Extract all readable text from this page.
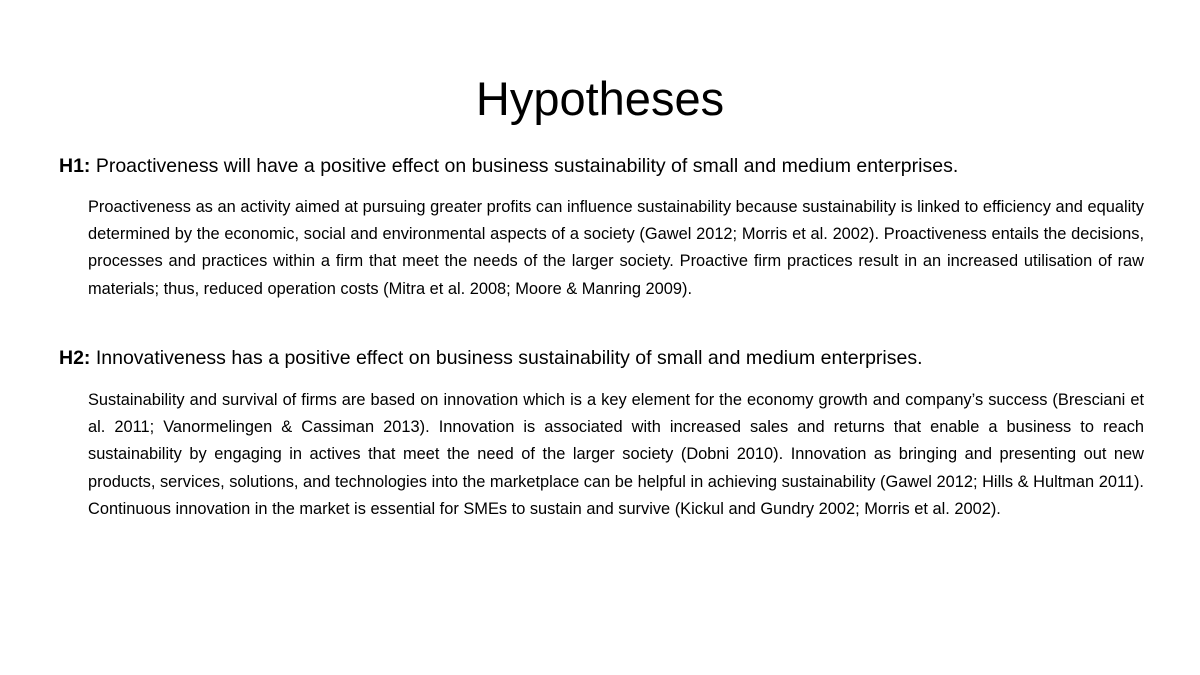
Hypotheses

H1: Proactiveness will have a positive effect on business sustainability of small and medium enterprises.

Proactiveness as an activity aimed at pursuing greater profits can influence sustainability because sustainability is linked to efficiency and equality determined by the economic, social and environmental aspects of a society (Gawel 2012; Morris et al. 2002). Proactiveness entails the decisions, processes and practices within a firm that meet the needs of the larger society. Proactive firm practices result in an increased utilisation of raw materials; thus, reduced operation costs (Mitra et al. 2008; Moore & Manring 2009).

H2: Innovativeness has a positive effect on business sustainability of small and medium enterprises.

Sustainability and survival of firms are based on innovation which is a key element for the economy growth and company’s success (Bresciani et al. 2011; Vanormelingen & Cassiman 2013). Innovation is associated with increased sales and returns that enable a business to reach sustainability by engaging in actives that meet the need of the larger society (Dobni 2010). Innovation as bringing and presenting out new products, services, solutions, and technologies into the marketplace can be helpful in achieving sustainability (Gawel 2012; Hills & Hultman 2011). Continuous innovation in the market is essential for SMEs to sustain and survive (Kickul and Gundry 2002; Morris et al. 2002).
